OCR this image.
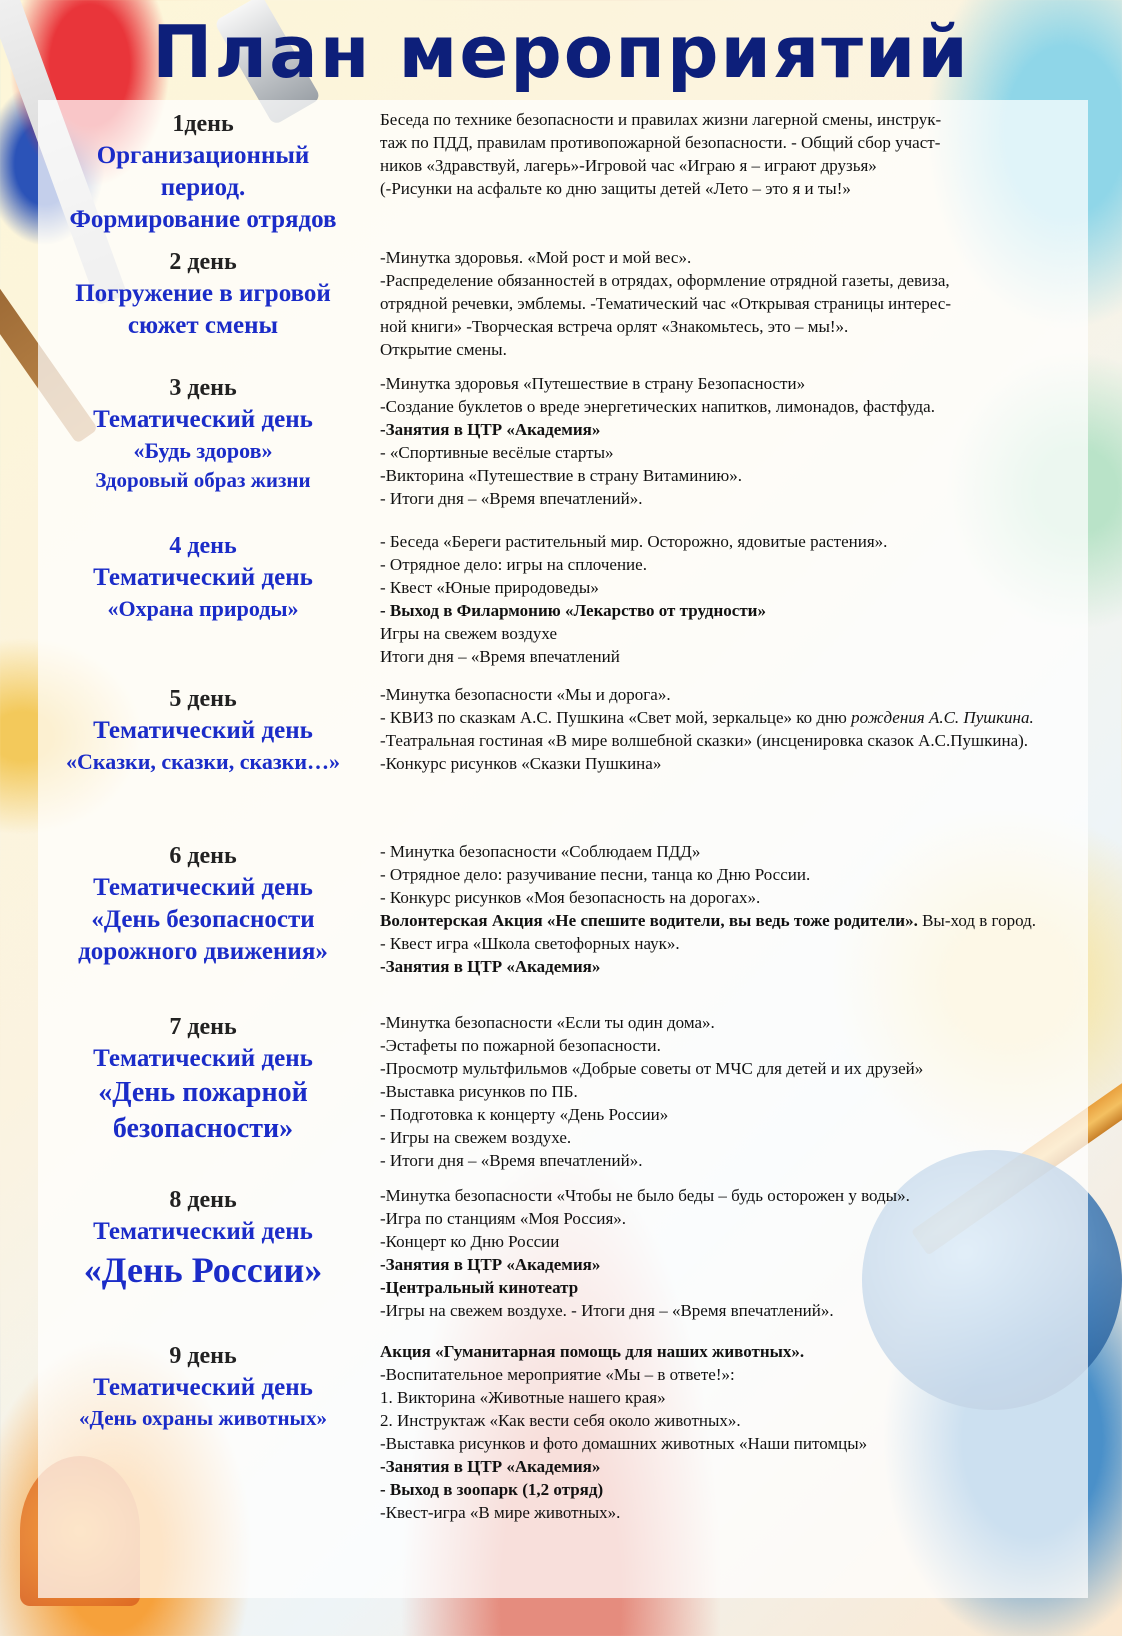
План мероприятий
1день
Организационный
период.
Формирование отрядов

Беседа по технике безопасности и правилах жизни лагерной смены, инструк-

таж по ПДД, правилам противопожарной безопасности. - Общий сбор участ-

ников «Здравствуй, лагерь»-Игровой час «Играю я – играют друзья»

(-Рисунки на асфальте ко дню защиты детей «Лето – это я и ты!»

2 день
Погружение в игровой
сюжет смены

-Минутка здоровья. «Мой рост и мой вес».

-Распределение обязанностей в отрядах, оформление отрядной газеты, девиза,

отрядной речевки, эмблемы. -Тематический час «Открывая страницы интерес-

ной книги» -Творческая встреча орлят «Знакомьтесь, это – мы!».

Открытие смены.

3 день
Тематический день
«Будь здоров»
Здоровый образ жизни

-Минутка здоровья «Путешествие в страну Безопасности»

-Создание буклетов о вреде энергетических напитков, лимонадов, фастфуда.

-Занятия в ЦТР «Академия»

- «Спортивные весёлые старты»

-Викторина «Путешествие в страну Витаминию».

- Итоги дня – «Время впечатлений».

4 день
Тематический день
«Охрана природы»

- Беседа «Береги растительный мир. Осторожно, ядовитые растения».

- Отрядное дело: игры на сплочение.

- Квест «Юные природоведы»

- Выход в Филармонию «Лекарство от трудности»

Игры на свежем воздухе

Итоги дня – «Время впечатлений

5 день
Тематический день
«Сказки, сказки, сказки…»

-Минутка безопасности «Мы и дорога».

- КВИЗ по сказкам А.С. Пушкина «Свет мой, зеркальце» ко дню рождения А.С. Пушкина.

-Театральная гостиная «В мире волшебной сказки» (инсценировка сказок А.С.Пушкина).

-Конкурс рисунков «Сказки Пушкина»

6 день
Тематический день
«День безопасности
дорожного движения»

- Минутка безопасности «Соблюдаем ПДД»

- Отрядное дело: разучивание песни, танца ко Дню России.

- Конкурс рисунков «Моя безопасность на дорогах».

Волонтерская Акция «Не спешите водители, вы ведь тоже родители». Вы-ход в город.

- Квест игра «Школа светофорных наук».

-Занятия в ЦТР «Академия»

7 день
Тематический день
«День пожарной
безопасности»

-Минутка безопасности «Если ты один дома».

-Эстафеты по пожарной безопасности.

-Просмотр мультфильмов «Добрые советы от МЧС для детей и их друзей»

-Выставка рисунков по ПБ.

- Подготовка к концерту «День России»

- Игры на свежем воздухе.

- Итоги дня – «Время впечатлений».

8 день
Тематический день
«День России»

-Минутка безопасности «Чтобы не было беды – будь осторожен у воды».

-Игра по станциям «Моя Россия».

-Концерт ко Дню России

-Занятия в ЦТР «Академия»

-Центральный кинотеатр

-Игры на свежем воздухе. - Итоги дня – «Время впечатлений».

9 день
Тематический день
«День охраны животных»

Акция «Гуманитарная помощь для наших животных».

-Воспитательное мероприятие «Мы – в ответе!»:

1. Викторина «Животные нашего края»

2. Инструктаж «Как вести себя около животных».

-Выставка рисунков и фото домашних животных «Наши питомцы»

-Занятия в ЦТР «Академия»

- Выход в зоопарк (1,2 отряд)

-Квест-игра «В мире животных».
